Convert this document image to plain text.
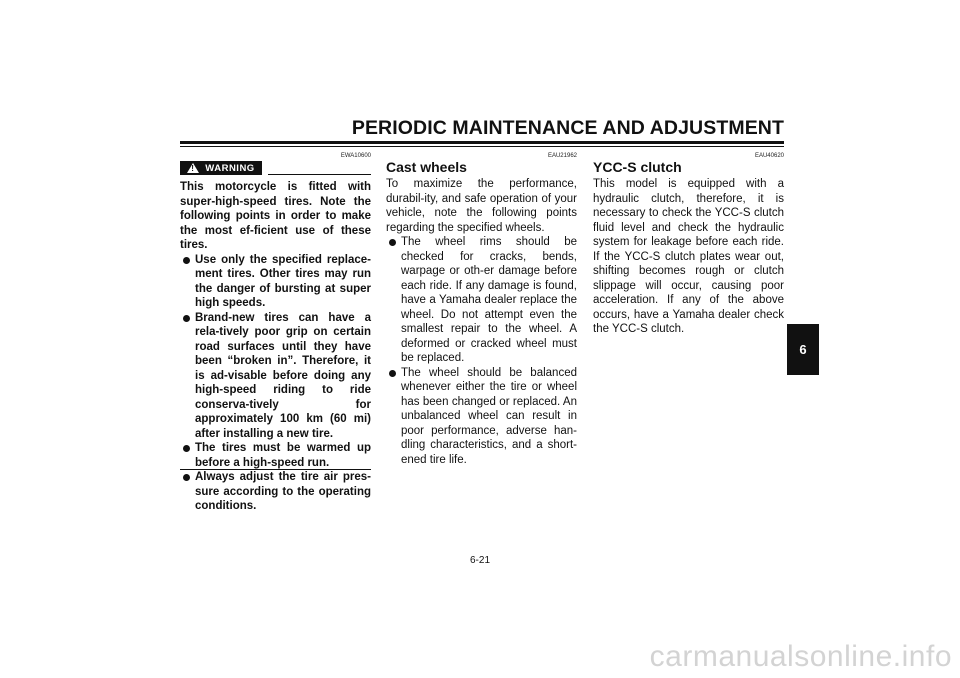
PERIODIC MAINTENANCE AND ADJUSTMENT
EWA10600
! WARNING

This motorcycle is fitted with super-high-speed tires. Note the following points in order to make the most ef-ficient use of these tires.

Use only the specified replace-ment tires. Other tires may run the danger of bursting at super high speeds.
Brand-new tires can have a rela-tively poor grip on certain road surfaces until they have been “broken in”. Therefore, it is ad-visable before doing any high-speed riding to ride conserva-tively for approximately 100 km (60 mi) after installing a new tire.
The tires must be warmed up before a high-speed run.
Always adjust the tire air pres-sure according to the operating conditions.
EAU21962
Cast wheels

To maximize the performance, durabil-ity, and safe operation of your vehicle, note the following points regarding the specified wheels.

The wheel rims should be checked for cracks, bends, warpage or oth-er damage before each ride. If any damage is found, have a Yamaha dealer replace the wheel. Do not attempt even the smallest repair to the wheel. A deformed or cracked wheel must be replaced.
The wheel should be balanced whenever either the tire or wheel has been changed or replaced. An unbalanced wheel can result in poor performance, adverse han-dling characteristics, and a short-ened tire life.
EAU40620
YCC-S clutch

This model is equipped with a hydraulic clutch, therefore, it is necessary to check the YCC-S clutch fluid level and check the hydraulic system for leakage before each ride. If the YCC-S clutch plates wear out, shifting becomes rough or clutch slippage will occur, causing poor acceleration. If any of the above occurs, have a Yamaha dealer check the YCC-S clutch.

6
6-21
carmanualsonline.info
